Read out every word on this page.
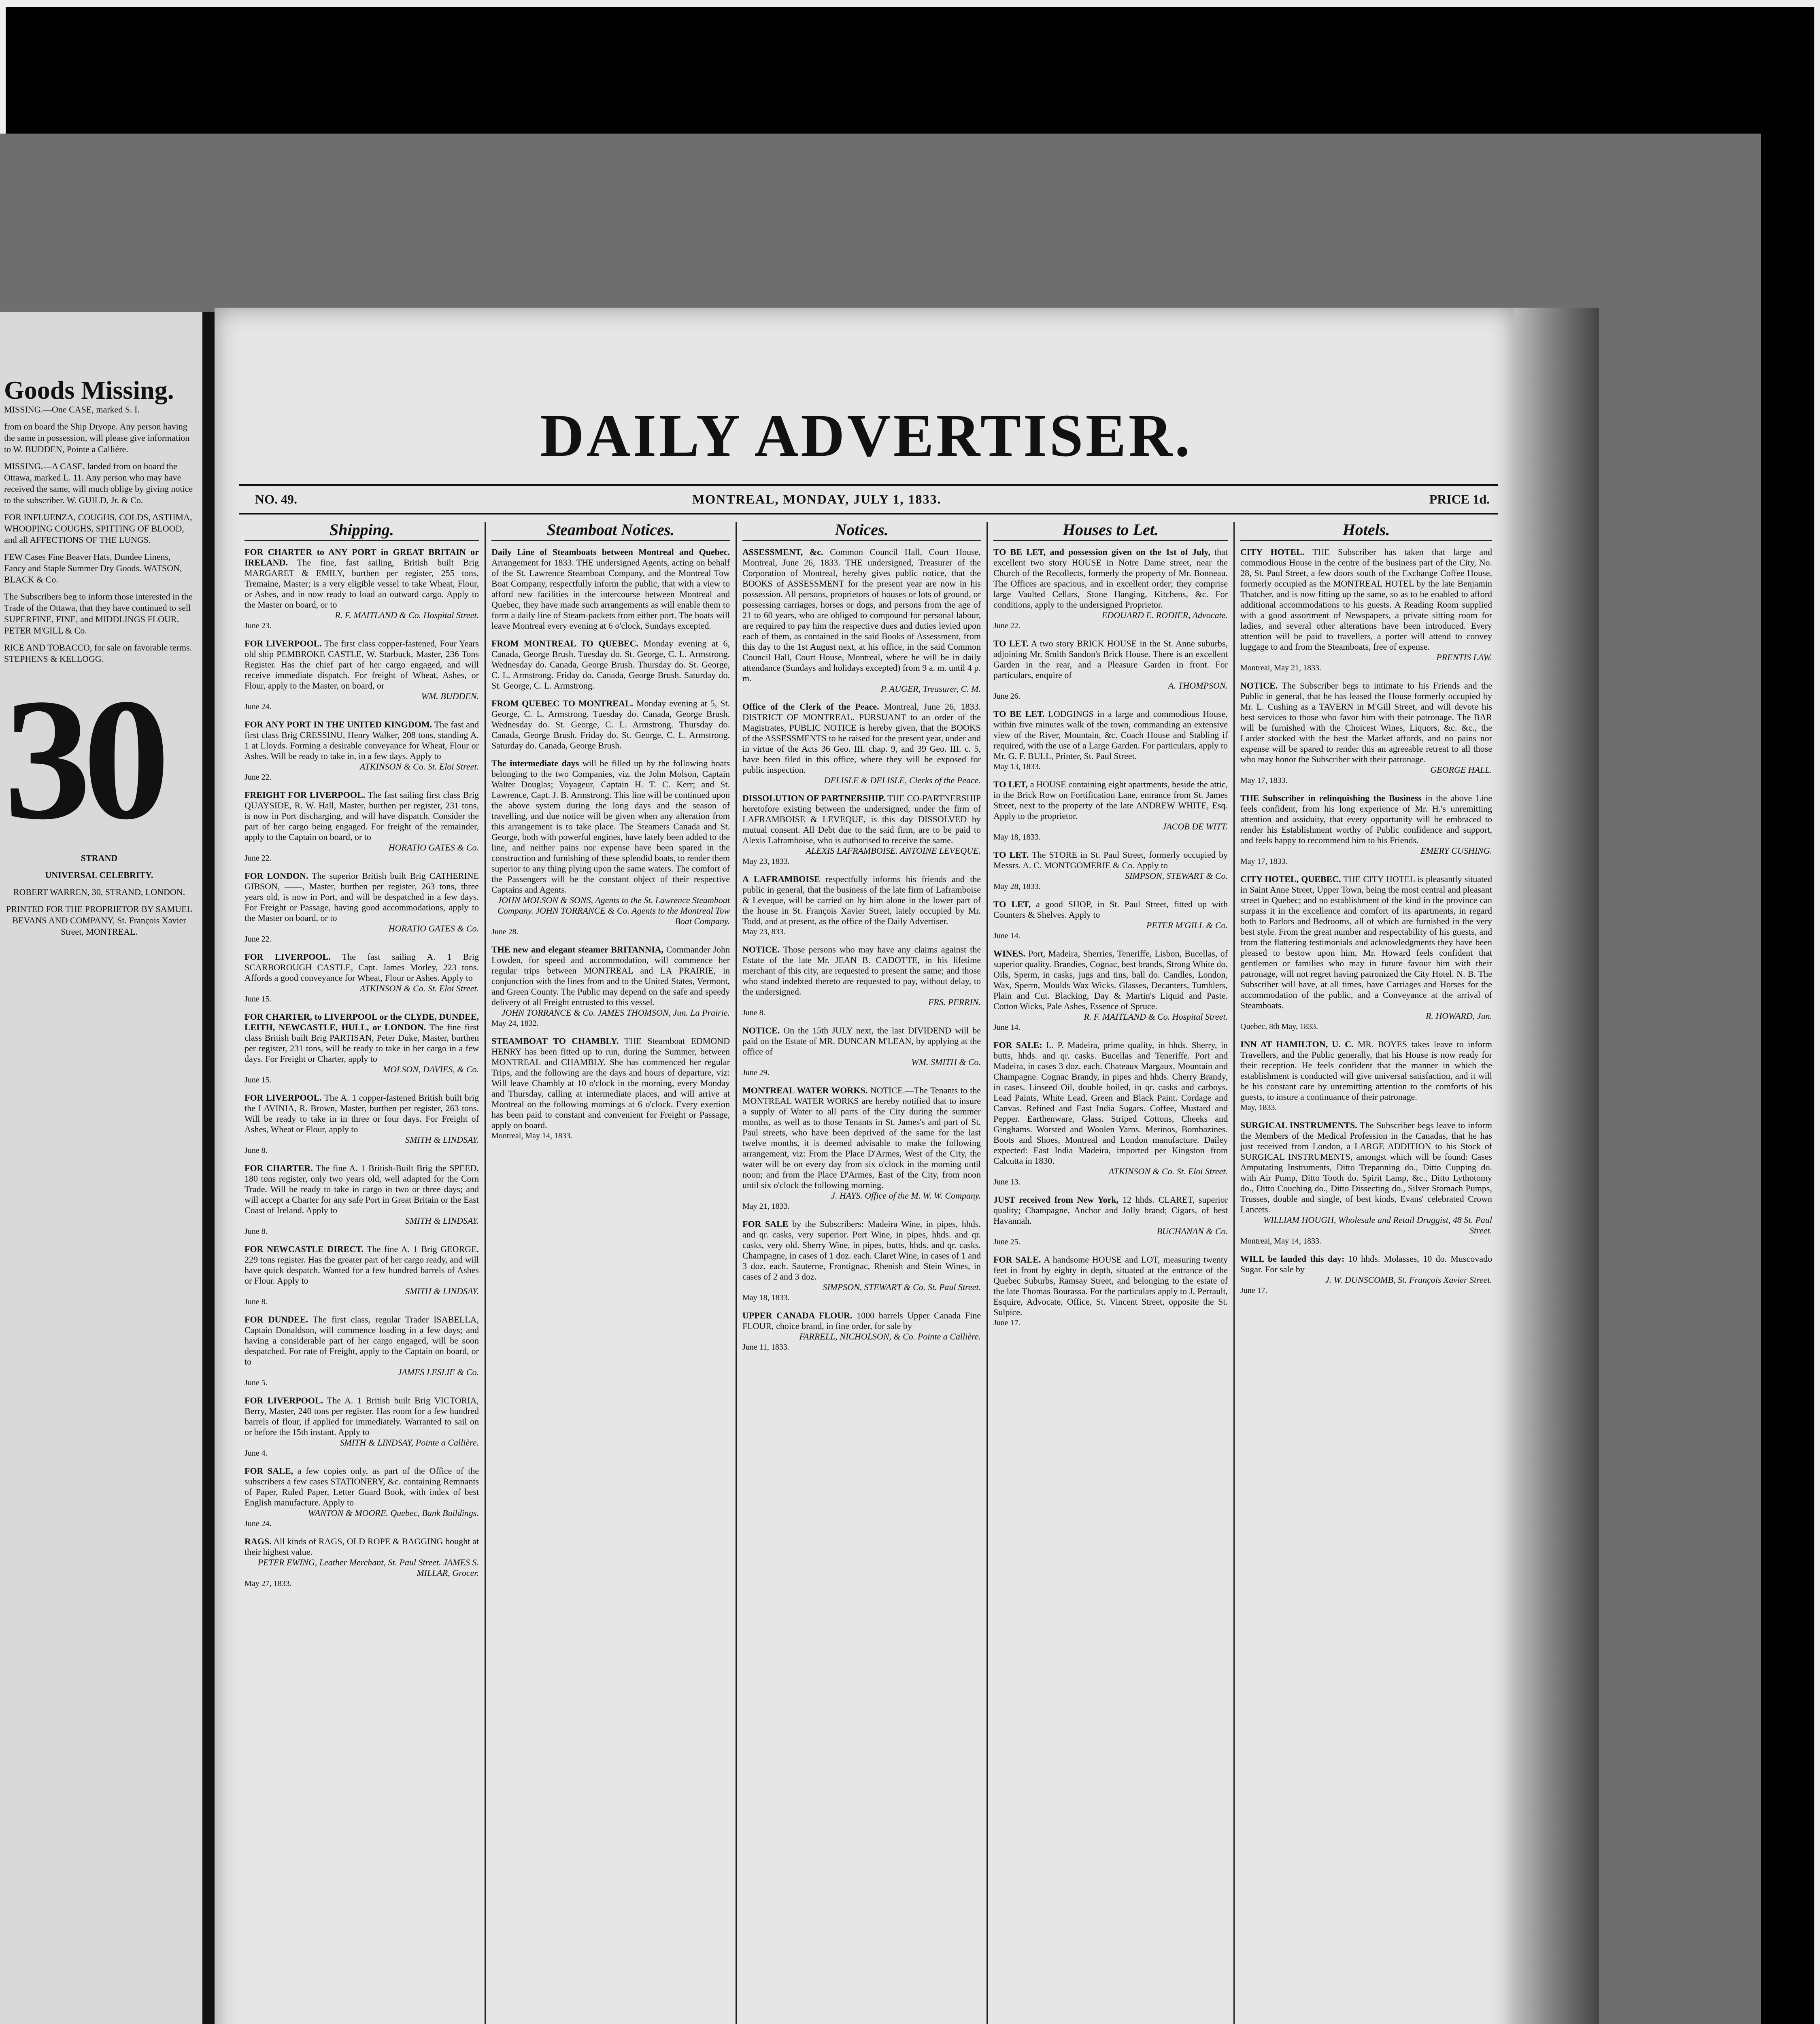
Goods Missing.

MISSING.—One CASE, marked S. I.

from on board the Ship Dryope. Any person having the same in possession, will please give information to W. BUDDEN, Pointe a Callière.

MISSING.—A CASE, landed from on board the Ottawa, marked L. 11. Any person who may have received the same, will much oblige by giving notice to the subscriber. W. GUILD, Jr. & Co.

FOR INFLUENZA, COUGHS, COLDS, ASTHMA, WHOOPING COUGHS, SPITTING OF BLOOD, and all AFFECTIONS OF THE LUNGS.

FEW Cases Fine Beaver Hats, Dundee Linens, Fancy and Staple Summer Dry Goods. WATSON, BLACK & Co.

The Subscribers beg to inform those interested in the Trade of the Ottawa, that they have continued to sell SUPERFINE, FINE, and MIDDLINGS FLOUR. PETER M'GILL & Co.

RICE AND TOBACCO, for sale on favorable terms. STEPHENS & KELLOGG.

30

STRAND

UNIVERSAL CELEBRITY.

ROBERT WARREN, 30, STRAND, LONDON.

PRINTED FOR THE PROPRIETOR BY SAMUEL BEVANS AND COMPANY, St. François Xavier Street, MONTREAL.

DAILY ADVERTISER.
NO. 49.	MONTREAL, MONDAY, JULY 1, 1833.	PRICE 1d.
Shipping.
FOR CHARTER to ANY PORT in GREAT BRITAIN or IRELAND. The fine, fast sailing, British built Brig MARGARET & EMILY, burthen per register, 255 tons, Tremaine, Master; is a very eligible vessel to take Wheat, Flour, or Ashes, and in now ready to load an outward cargo. Apply to the Master on board, or to
R. F. MAITLAND & Co. Hospital Street.
June 23.
FOR LIVERPOOL. The first class copper-fastened, Four Years old ship PEMBROKE CASTLE, W. Starbuck, Master, 236 Tons Register. Has the chief part of her cargo engaged, and will receive immediate dispatch. For freight of Wheat, Ashes, or Flour, apply to the Master, on board, or
WM. BUDDEN.
June 24.
FOR ANY PORT IN THE UNITED KINGDOM. The fast and first class Brig CRESSINU, Henry Walker, 208 tons, standing A. 1 at Lloyds. Forming a desirable conveyance for Wheat, Flour or Ashes. Will be ready to take in, in a few days. Apply to
ATKINSON & Co. St. Eloi Street.
June 22.
FREIGHT FOR LIVERPOOL. The fast sailing first class Brig QUAYSIDE, R. W. Hall, Master, burthen per register, 231 tons, is now in Port discharging, and will have dispatch. Consider the part of her cargo being engaged. For freight of the remainder, apply to the Captain on board, or to
HORATIO GATES & Co.
June 22.
FOR LONDON. The superior British built Brig CATHERINE GIBSON, ——, Master, burthen per register, 263 tons, three years old, is now in Port, and will be despatched in a few days. For Freight or Passage, having good accommodations, apply to the Master on board, or to
HORATIO GATES & Co.
June 22.
FOR LIVERPOOL. The fast sailing A. 1 Brig SCARBOROUGH CASTLE, Capt. James Morley, 223 tons. Affords a good conveyance for Wheat, Flour or Ashes. Apply to
ATKINSON & Co. St. Eloi Street.
June 15.
FOR CHARTER, to LIVERPOOL or the CLYDE, DUNDEE, LEITH, NEWCASTLE, HULL, or LONDON. The fine first class British built Brig PARTISAN, Peter Duke, Master, burthen per register, 231 tons, will be ready to take in her cargo in a few days. For Freight or Charter, apply to
MOLSON, DAVIES, & Co.
June 15.
FOR LIVERPOOL. The A. 1 copper-fastened British built brig the LAVINIA, R. Brown, Master, burthen per register, 263 tons. Will be ready to take in in three or four days. For Freight of Ashes, Wheat or Flour, apply to
SMITH & LINDSAY.
June 8.
FOR CHARTER. The fine A. 1 British-Built Brig the SPEED, 180 tons register, only two years old, well adapted for the Corn Trade. Will be ready to take in cargo in two or three days; and will accept a Charter for any safe Port in Great Britain or the East Coast of Ireland. Apply to
SMITH & LINDSAY.
June 8.
FOR NEWCASTLE DIRECT. The fine A. 1 Brig GEORGE, 229 tons register. Has the greater part of her cargo ready, and will have quick despatch. Wanted for a few hundred barrels of Ashes or Flour. Apply to
SMITH & LINDSAY.
June 8.
FOR DUNDEE. The first class, regular Trader ISABELLA, Captain Donaldson, will commence loading in a few days; and having a considerable part of her cargo engaged, will be soon despatched. For rate of Freight, apply to the Captain on board, or to
JAMES LESLIE & Co.
June 5.
FOR LIVERPOOL. The A. 1 British built Brig VICTORIA, Berry, Master, 240 tons per register. Has room for a few hundred barrels of flour, if applied for immediately. Warranted to sail on or before the 15th instant. Apply to
SMITH & LINDSAY, Pointe a Callière.
June 4.
FOR SALE, a few copies only, as part of the Office of the subscribers a few cases STATIONERY, &c. containing Remnants of Paper, Ruled Paper, Letter Guard Book, with index of best English manufacture. Apply to
WANTON & MOORE. Quebec, Bank Buildings.
June 24.
RAGS. All kinds of RAGS, OLD ROPE & BAGGING bought at their highest value.
PETER EWING, Leather Merchant, St. Paul Street. JAMES S. MILLAR, Grocer.
May 27, 1833.
Steamboat Notices.
Daily Line of Steamboats between Montreal and Quebec. Arrangement for 1833. THE undersigned Agents, acting on behalf of the St. Lawrence Steamboat Company, and the Montreal Tow Boat Company, respectfully inform the public, that with a view to afford new facilities in the intercourse between Montreal and Quebec, they have made such arrangements as will enable them to form a daily line of Steam-packets from either port. The boats will leave Montreal every evening at 6 o'clock, Sundays excepted.
FROM MONTREAL TO QUEBEC. Monday evening at 6, Canada, George Brush. Tuesday do. St. George, C. L. Armstrong. Wednesday do. Canada, George Brush. Thursday do. St. George, C. L. Armstrong. Friday do. Canada, George Brush. Saturday do. St. George, C. L. Armstrong.
FROM QUEBEC TO MONTREAL. Monday evening at 5, St. George, C. L. Armstrong. Tuesday do. Canada, George Brush. Wednesday do. St. George, C. L. Armstrong. Thursday do. Canada, George Brush. Friday do. St. George, C. L. Armstrong. Saturday do. Canada, George Brush.
The intermediate days will be filled up by the following boats belonging to the two Companies, viz. the John Molson, Captain Walter Douglas; Voyageur, Captain H. T. C. Kerr; and St. Lawrence, Capt. J. B. Armstrong. This line will be continued upon the above system during the long days and the season of travelling, and due notice will be given when any alteration from this arrangement is to take place. The Steamers Canada and St. George, both with powerful engines, have lately been added to the line, and neither pains nor expense have been spared in the construction and furnishing of these splendid boats, to render them superior to any thing plying upon the same waters. The comfort of the Passengers will be the constant object of their respective Captains and Agents.
JOHN MOLSON & SONS, Agents to the St. Lawrence Steamboat Company. JOHN TORRANCE & Co. Agents to the Montreal Tow Boat Company.
June 28.
THE new and elegant steamer BRITANNIA, Commander John Lowden, for speed and accommodation, will commence her regular trips between MONTREAL and LA PRAIRIE, in conjunction with the lines from and to the United States, Vermont, and Green County. The Public may depend on the safe and speedy delivery of all Freight entrusted to this vessel.
JOHN TORRANCE & Co. JAMES THOMSON, Jun. La Prairie.
May 24, 1832.
STEAMBOAT TO CHAMBLY. THE Steamboat EDMOND HENRY has been fitted up to run, during the Summer, between MONTREAL and CHAMBLY. She has commenced her regular Trips, and the following are the days and hours of departure, viz: Will leave Chambly at 10 o'clock in the morning, every Monday and Thursday, calling at intermediate places, and will arrive at Montreal on the following mornings at 6 o'clock. Every exertion has been paid to constant and convenient for Freight or Passage, apply on board.
Montreal, May 14, 1833.
Notices.
ASSESSMENT, &c. Common Council Hall, Court House, Montreal, June 26, 1833. THE undersigned, Treasurer of the Corporation of Montreal, hereby gives public notice, that the BOOKS of ASSESSMENT for the present year are now in his possession. All persons, proprietors of houses or lots of ground, or possessing carriages, horses or dogs, and persons from the age of 21 to 60 years, who are obliged to compound for personal labour, are required to pay him the respective dues and duties levied upon each of them, as contained in the said Books of Assessment, from this day to the 1st August next, at his office, in the said Common Council Hall, Court House, Montreal, where he will be in daily attendance (Sundays and holidays excepted) from 9 a. m. until 4 p. m.
P. AUGER, Treasurer, C. M.
Office of the Clerk of the Peace. Montreal, June 26, 1833. DISTRICT OF MONTREAL. PURSUANT to an order of the Magistrates, PUBLIC NOTICE is hereby given, that the BOOKS of the ASSESSMENTS to be raised for the present year, under and in virtue of the Acts 36 Geo. III. chap. 9, and 39 Geo. III. c. 5, have been filed in this office, where they will be exposed for public inspection.
DELISLE & DELISLE, Clerks of the Peace.
DISSOLUTION OF PARTNERSHIP. THE CO-PARTNERSHIP heretofore existing between the undersigned, under the firm of LAFRAMBOISE & LEVEQUE, is this day DISSOLVED by mutual consent. All Debt due to the said firm, are to be paid to Alexis Laframboise, who is authorised to receive the same.
ALEXIS LAFRAMBOISE. ANTOINE LEVEQUE.
May 23, 1833.
A LAFRAMBOISE respectfully informs his friends and the public in general, that the business of the late firm of Laframboise & Leveque, will be carried on by him alone in the lower part of the house in St. François Xavier Street, lately occupied by Mr. Todd, and at present, as the office of the Daily Advertiser.
May 23, 833.
NOTICE. Those persons who may have any claims against the Estate of the late Mr. JEAN B. CADOTTE, in his lifetime merchant of this city, are requested to present the same; and those who stand indebted thereto are requested to pay, without delay, to the undersigned.
FRS. PERRIN.
June 8.
NOTICE. On the 15th JULY next, the last DIVIDEND will be paid on the Estate of MR. DUNCAN M'LEAN, by applying at the office of
WM. SMITH & Co.
June 29.
MONTREAL WATER WORKS. NOTICE.—The Tenants to the MONTREAL WATER WORKS are hereby notified that to insure a supply of Water to all parts of the City during the summer months, as well as to those Tenants in St. James's and part of St. Paul streets, who have been deprived of the same for the last twelve months, it is deemed advisable to make the following arrangement, viz: From the Place D'Armes, West of the City, the water will be on every day from six o'clock in the morning until noon; and from the Place D'Armes, East of the City, from noon until six o'clock the following morning.
J. HAYS. Office of the M. W. W. Company.
May 21, 1833.
FOR SALE by the Subscribers: Madeira Wine, in pipes, hhds. and qr. casks, very superior. Port Wine, in pipes, hhds. and qr. casks, very old. Sherry Wine, in pipes, butts, hhds. and qr. casks. Champagne, in cases of 1 doz. each. Claret Wine, in cases of 1 and 3 doz. each. Sauterne, Frontignac, Rhenish and Stein Wines, in cases of 2 and 3 doz.
SIMPSON, STEWART & Co. St. Paul Street.
May 18, 1833.
UPPER CANADA FLOUR. 1000 barrels Upper Canada Fine FLOUR, choice brand, in fine order, for sale by
FARRELL, NICHOLSON, & Co. Pointe a Callière.
June 11, 1833.
Houses to Let.
TO BE LET, and possession given on the 1st of July, that excellent two story HOUSE in Notre Dame street, near the Church of the Recollects, formerly the property of Mr. Bonneau. The Offices are spacious, and in excellent order; they comprise large Vaulted Cellars, Stone Hanging, Kitchens, &c. For conditions, apply to the undersigned Proprietor.
EDOUARD E. RODIER, Advocate.
June 22.
TO LET. A two story BRICK HOUSE in the St. Anne suburbs, adjoining Mr. Smith Sandon's Brick House. There is an excellent Garden in the rear, and a Pleasure Garden in front. For particulars, enquire of
A. THOMPSON.
June 26.
TO BE LET. LODGINGS in a large and commodious House, within five minutes walk of the town, commanding an extensive view of the River, Mountain, &c. Coach House and Stabling if required, with the use of a Large Garden. For particulars, apply to Mr. G. F. BULL, Printer, St. Paul Street.
May 13, 1833.
TO LET, a HOUSE containing eight apartments, beside the attic, in the Brick Row on Fortification Lane, entrance from St. James Street, next to the property of the late ANDREW WHITE, Esq. Apply to the proprietor.
JACOB DE WITT.
May 18, 1833.
TO LET. The STORE in St. Paul Street, formerly occupied by Messrs. A. C. MONTGOMERIE & Co. Apply to
SIMPSON, STEWART & Co.
May 28, 1833.
TO LET, a good SHOP, in St. Paul Street, fitted up with Counters & Shelves. Apply to
PETER M'GILL & Co.
June 14.
WINES. Port, Madeira, Sherries, Teneriffe, Lisbon, Bucellas, of superior quality. Brandies, Cognac, best brands, Strong White do. Oils, Sperm, in casks, jugs and tins, ball do. Candles, London, Wax, Sperm, Moulds Wax Wicks. Glasses, Decanters, Tumblers, Plain and Cut. Blacking, Day & Martin's Liquid and Paste. Cotton Wicks, Pale Ashes, Essence of Spruce.
R. F. MAITLAND & Co. Hospital Street.
June 14.
FOR SALE: L. P. Madeira, prime quality, in hhds. Sherry, in butts, hhds. and qr. casks. Bucellas and Teneriffe. Port and Madeira, in cases 3 doz. each. Chateaux Margaux, Mountain and Champagne. Cognac Brandy, in pipes and hhds. Cherry Brandy, in cases. Linseed Oil, double boiled, in qr. casks and carboys. Lead Paints, White Lead, Green and Black Paint. Cordage and Canvas. Refined and East India Sugars. Coffee, Mustard and Pepper. Earthenware, Glass. Striped Cottons, Cheeks and Ginghams. Worsted and Woolen Yarns. Merinos, Bombazines. Boots and Shoes, Montreal and London manufacture. Dailey expected: East India Madeira, imported per Kingston from Calcutta in 1830.
ATKINSON & Co. St. Eloi Street.
June 13.
JUST received from New York, 12 hhds. CLARET, superior quality; Champagne, Anchor and Jolly brand; Cigars, of best Havannah.
BUCHANAN & Co.
June 25.
FOR SALE. A handsome HOUSE and LOT, measuring twenty feet in front by eighty in depth, situated at the entrance of the Quebec Suburbs, Ramsay Street, and belonging to the estate of the late Thomas Bourassa. For the particulars apply to J. Perrault, Esquire, Advocate, Office, St. Vincent Street, opposite the St. Sulpice.
June 17.
Hotels.
CITY HOTEL. THE Subscriber has taken that large and commodious House in the centre of the business part of the City, No. 28, St. Paul Street, a few doors south of the Exchange Coffee House, formerly occupied as the MONTREAL HOTEL by the late Benjamin Thatcher, and is now fitting up the same, so as to be enabled to afford additional accommodations to his guests. A Reading Room supplied with a good assortment of Newspapers, a private sitting room for ladies, and several other alterations have been introduced. Every attention will be paid to travellers, a porter will attend to convey luggage to and from the Steamboats, free of expense.
PRENTIS LAW.
Montreal, May 21, 1833.
NOTICE. The Subscriber begs to intimate to his Friends and the Public in general, that he has leased the House formerly occupied by Mr. L. Cushing as a TAVERN in M'Gill Street, and will devote his best services to those who favor him with their patronage. The BAR will be furnished with the Choicest Wines, Liquors, &c. &c., the Larder stocked with the best the Market affords, and no pains nor expense will be spared to render this an agreeable retreat to all those who may honor the Subscriber with their patronage.
GEORGE HALL.
May 17, 1833.
THE Subscriber in relinquishing the Business in the above Line feels confident, from his long experience of Mr. H.'s unremitting attention and assiduity, that every opportunity will be embraced to render his Establishment worthy of Public confidence and support, and feels happy to recommend him to his Friends.
EMERY CUSHING.
May 17, 1833.
CITY HOTEL, QUEBEC. THE CITY HOTEL is pleasantly situated in Saint Anne Street, Upper Town, being the most central and pleasant street in Quebec; and no establishment of the kind in the province can surpass it in the excellence and comfort of its apartments, in regard both to Parlors and Bedrooms, all of which are furnished in the very best style. From the great number and respectability of his guests, and from the flattering testimonials and acknowledgments they have been pleased to bestow upon him, Mr. Howard feels confident that gentlemen or families who may in future favour him with their patronage, will not regret having patronized the City Hotel. N. B. The Subscriber will have, at all times, have Carriages and Horses for the accommodation of the public, and a Conveyance at the arrival of Steamboats.
R. HOWARD, Jun.
Quebec, 8th May, 1833.
INN AT HAMILTON, U. C. MR. BOYES takes leave to inform Travellers, and the Public generally, that his House is now ready for their reception. He feels confident that the manner in which the establishment is conducted will give universal satisfaction, and it will be his constant care by unremitting attention to the comforts of his guests, to insure a continuance of their patronage.
May, 1833.
SURGICAL INSTRUMENTS. The Subscriber begs leave to inform the Members of the Medical Profession in the Canadas, that he has just received from London, a LARGE ADDITION to his Stock of SURGICAL INSTRUMENTS, amongst which will be found: Cases Amputating Instruments, Ditto Trepanning do., Ditto Cupping do. with Air Pump, Ditto Tooth do. Spirit Lamp, &c., Ditto Lythotomy do., Ditto Couching do., Ditto Dissecting do., Silver Stomach Pumps, Trusses, double and single, of best kinds, Evans' celebrated Crown Lancets.
WILLIAM HOUGH, Wholesale and Retail Druggist, 48 St. Paul Street.
Montreal, May 14, 1833.
WILL be landed this day: 10 hhds. Molasses, 10 do. Muscovado Sugar. For sale by
J. W. DUNSCOMB, St. François Xavier Street.
June 17.
